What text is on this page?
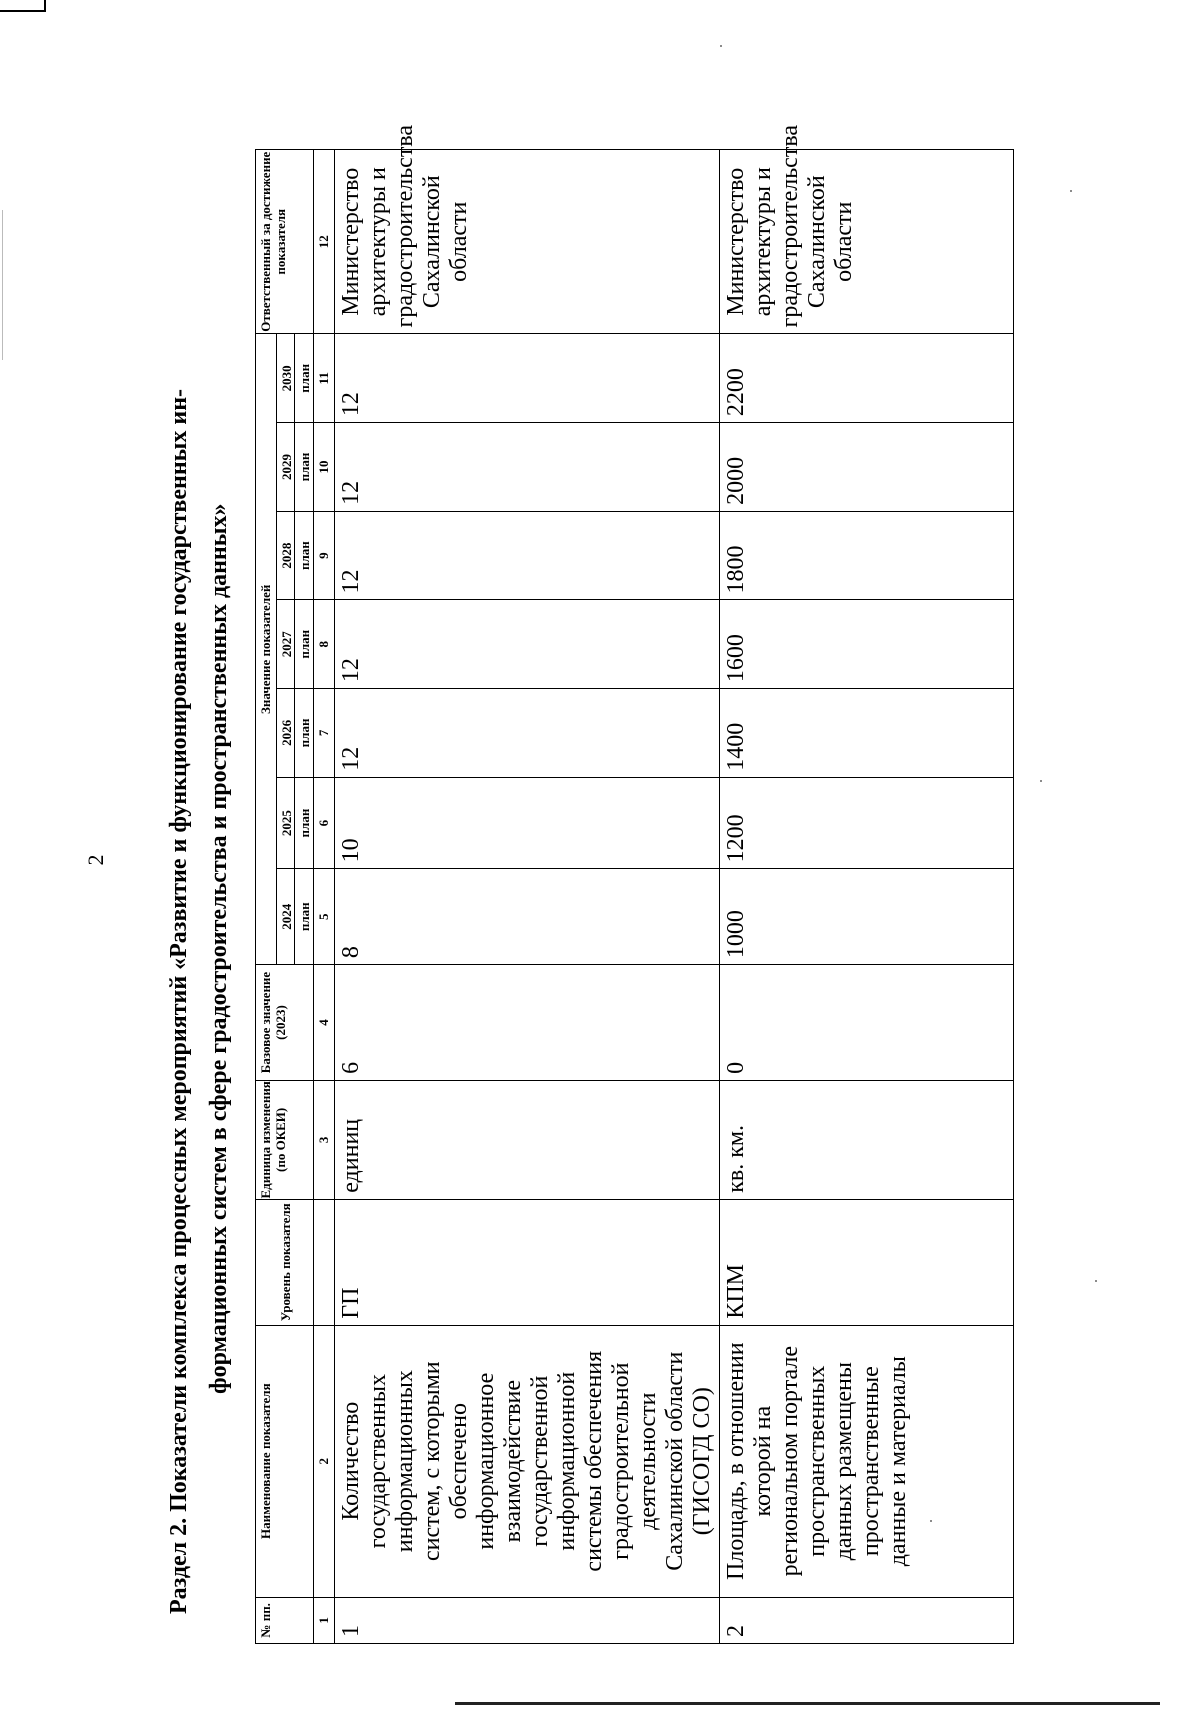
2 Раздел 2. Показатели комплекса процессных мероприятий «Развитие и функционирование государственных ин- формационных систем в сфере градостроительства и пространственных данных»
№ пп.	Наименование показателя	Уровень показателя	Единица изменения (по ОКЕИ)	Базовое значение (2023)	Значение показателей							Ответственный за достижение показателя
					2024	2025	2026	2027	2028	2029	2030	
					план	план	план	план	план	план	план	
1	2		3	4	5	6	7	8	9	10	11	12
1	Количество государственных информационных систем, с которыми обеспечено информационное взаимодействие государственной информационной системы обеспечения градостроительной деятельности Сахалинской области (ГИСОГД СО)	ГП	единиц	6	8	10	12	12	12	12	12	Министерство архитектуры и градостроительства Сахалинской области
2	Площадь, в отношении которой на региональном портале пространственных данных размещены пространственные данные и материалы	КПМ	кв. км.	0	1000	1200	1400	1600	1800	2000	2200	Министерство архитектуры и градостроительства Сахалинской области
